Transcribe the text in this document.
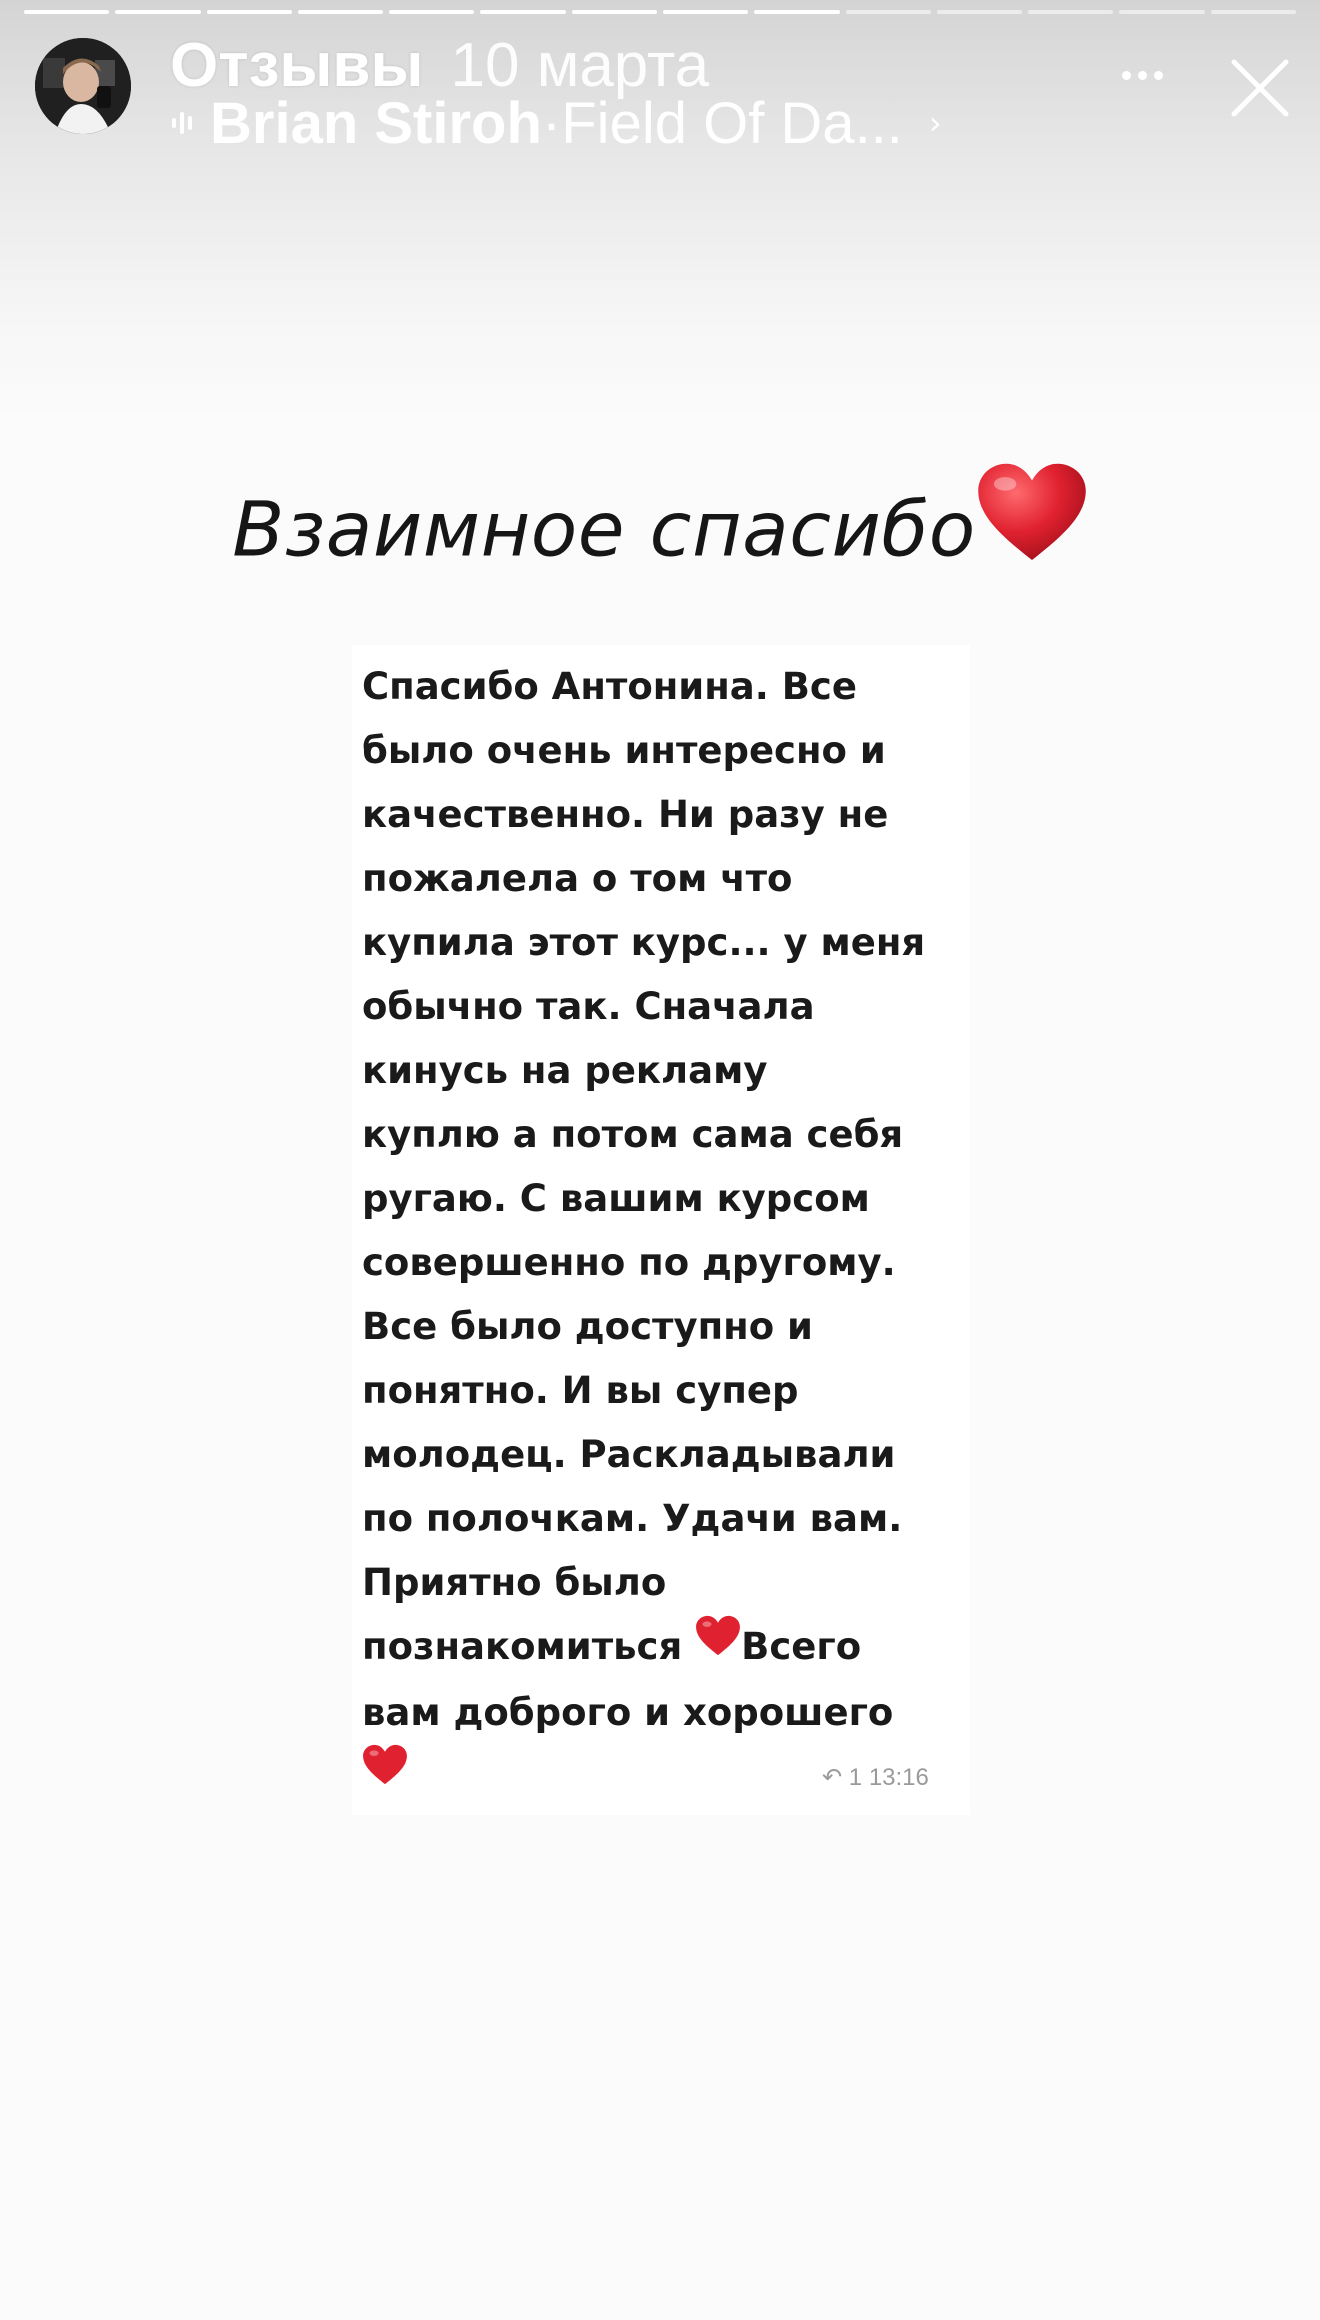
Отзывы 10 марта
Brian Stiroh · Field Of Da... ›
Взаимное спасибо
Спасибо Антонина. Все
было очень интересно и
качественно. Ни разу не
пожалела о том что
купила этот курс... у меня
обычно так. Сначала
кинусь на рекламу
куплю а потом сама себя
ругаю. С вашим курсом
совершенно по другому.
Все было доступно и
понятно. И вы супер
молодец. Раскладывали
по полочкам. Удачи вам.
Приятно было
познакомиться Всего
вам доброго и хорошего
↶ 1 13:16
